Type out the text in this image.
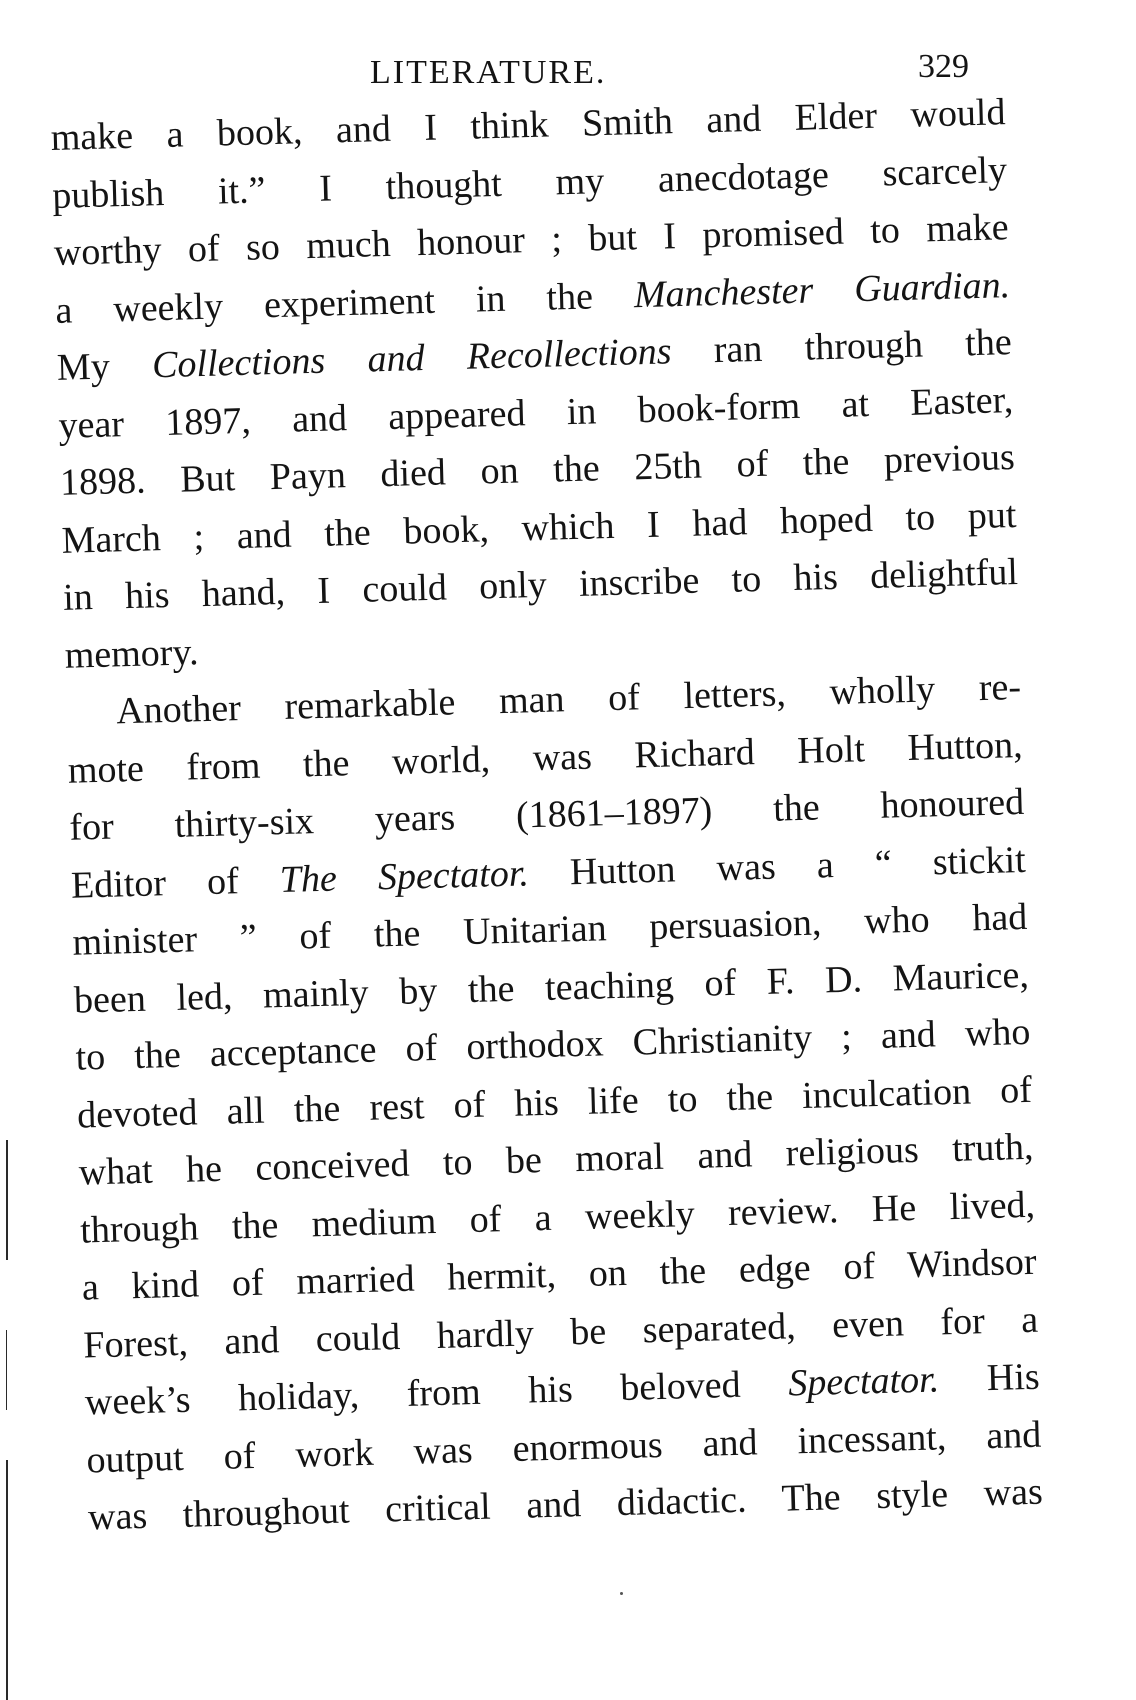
LITERATURE.	329
make a book, and I think Smith and Elder would
publish it.” I thought my anecdotage scarcely
worthy of so much honour ; but I promised to make
a weekly experiment in the Manchester Guardian.
My Collections and Recollections ran through the
year 1897, and appeared in book-form at Easter,
1898. But Payn died on the 25th of the previous
March ; and the book, which I had hoped to put
in his hand, I could only inscribe to his delightful
memory.
Another remarkable man of letters, wholly re-
mote from the world, was Richard Holt Hutton,
for thirty-six years (1861–1897) the honoured
Editor of The Spectator. Hutton was a “ stickit
minister ” of the Unitarian persuasion, who had
been led, mainly by the teaching of F. D. Maurice,
to the acceptance of orthodox Christianity ; and who
devoted all the rest of his life to the inculcation of
what he conceived to be moral and religious truth,
through the medium of a weekly review. He lived,
a kind of married hermit, on the edge of Windsor
Forest, and could hardly be separated, even for a
week’s holiday, from his beloved Spectator. His
output of work was enormous and incessant, and
was throughout critical and didactic. The style was
